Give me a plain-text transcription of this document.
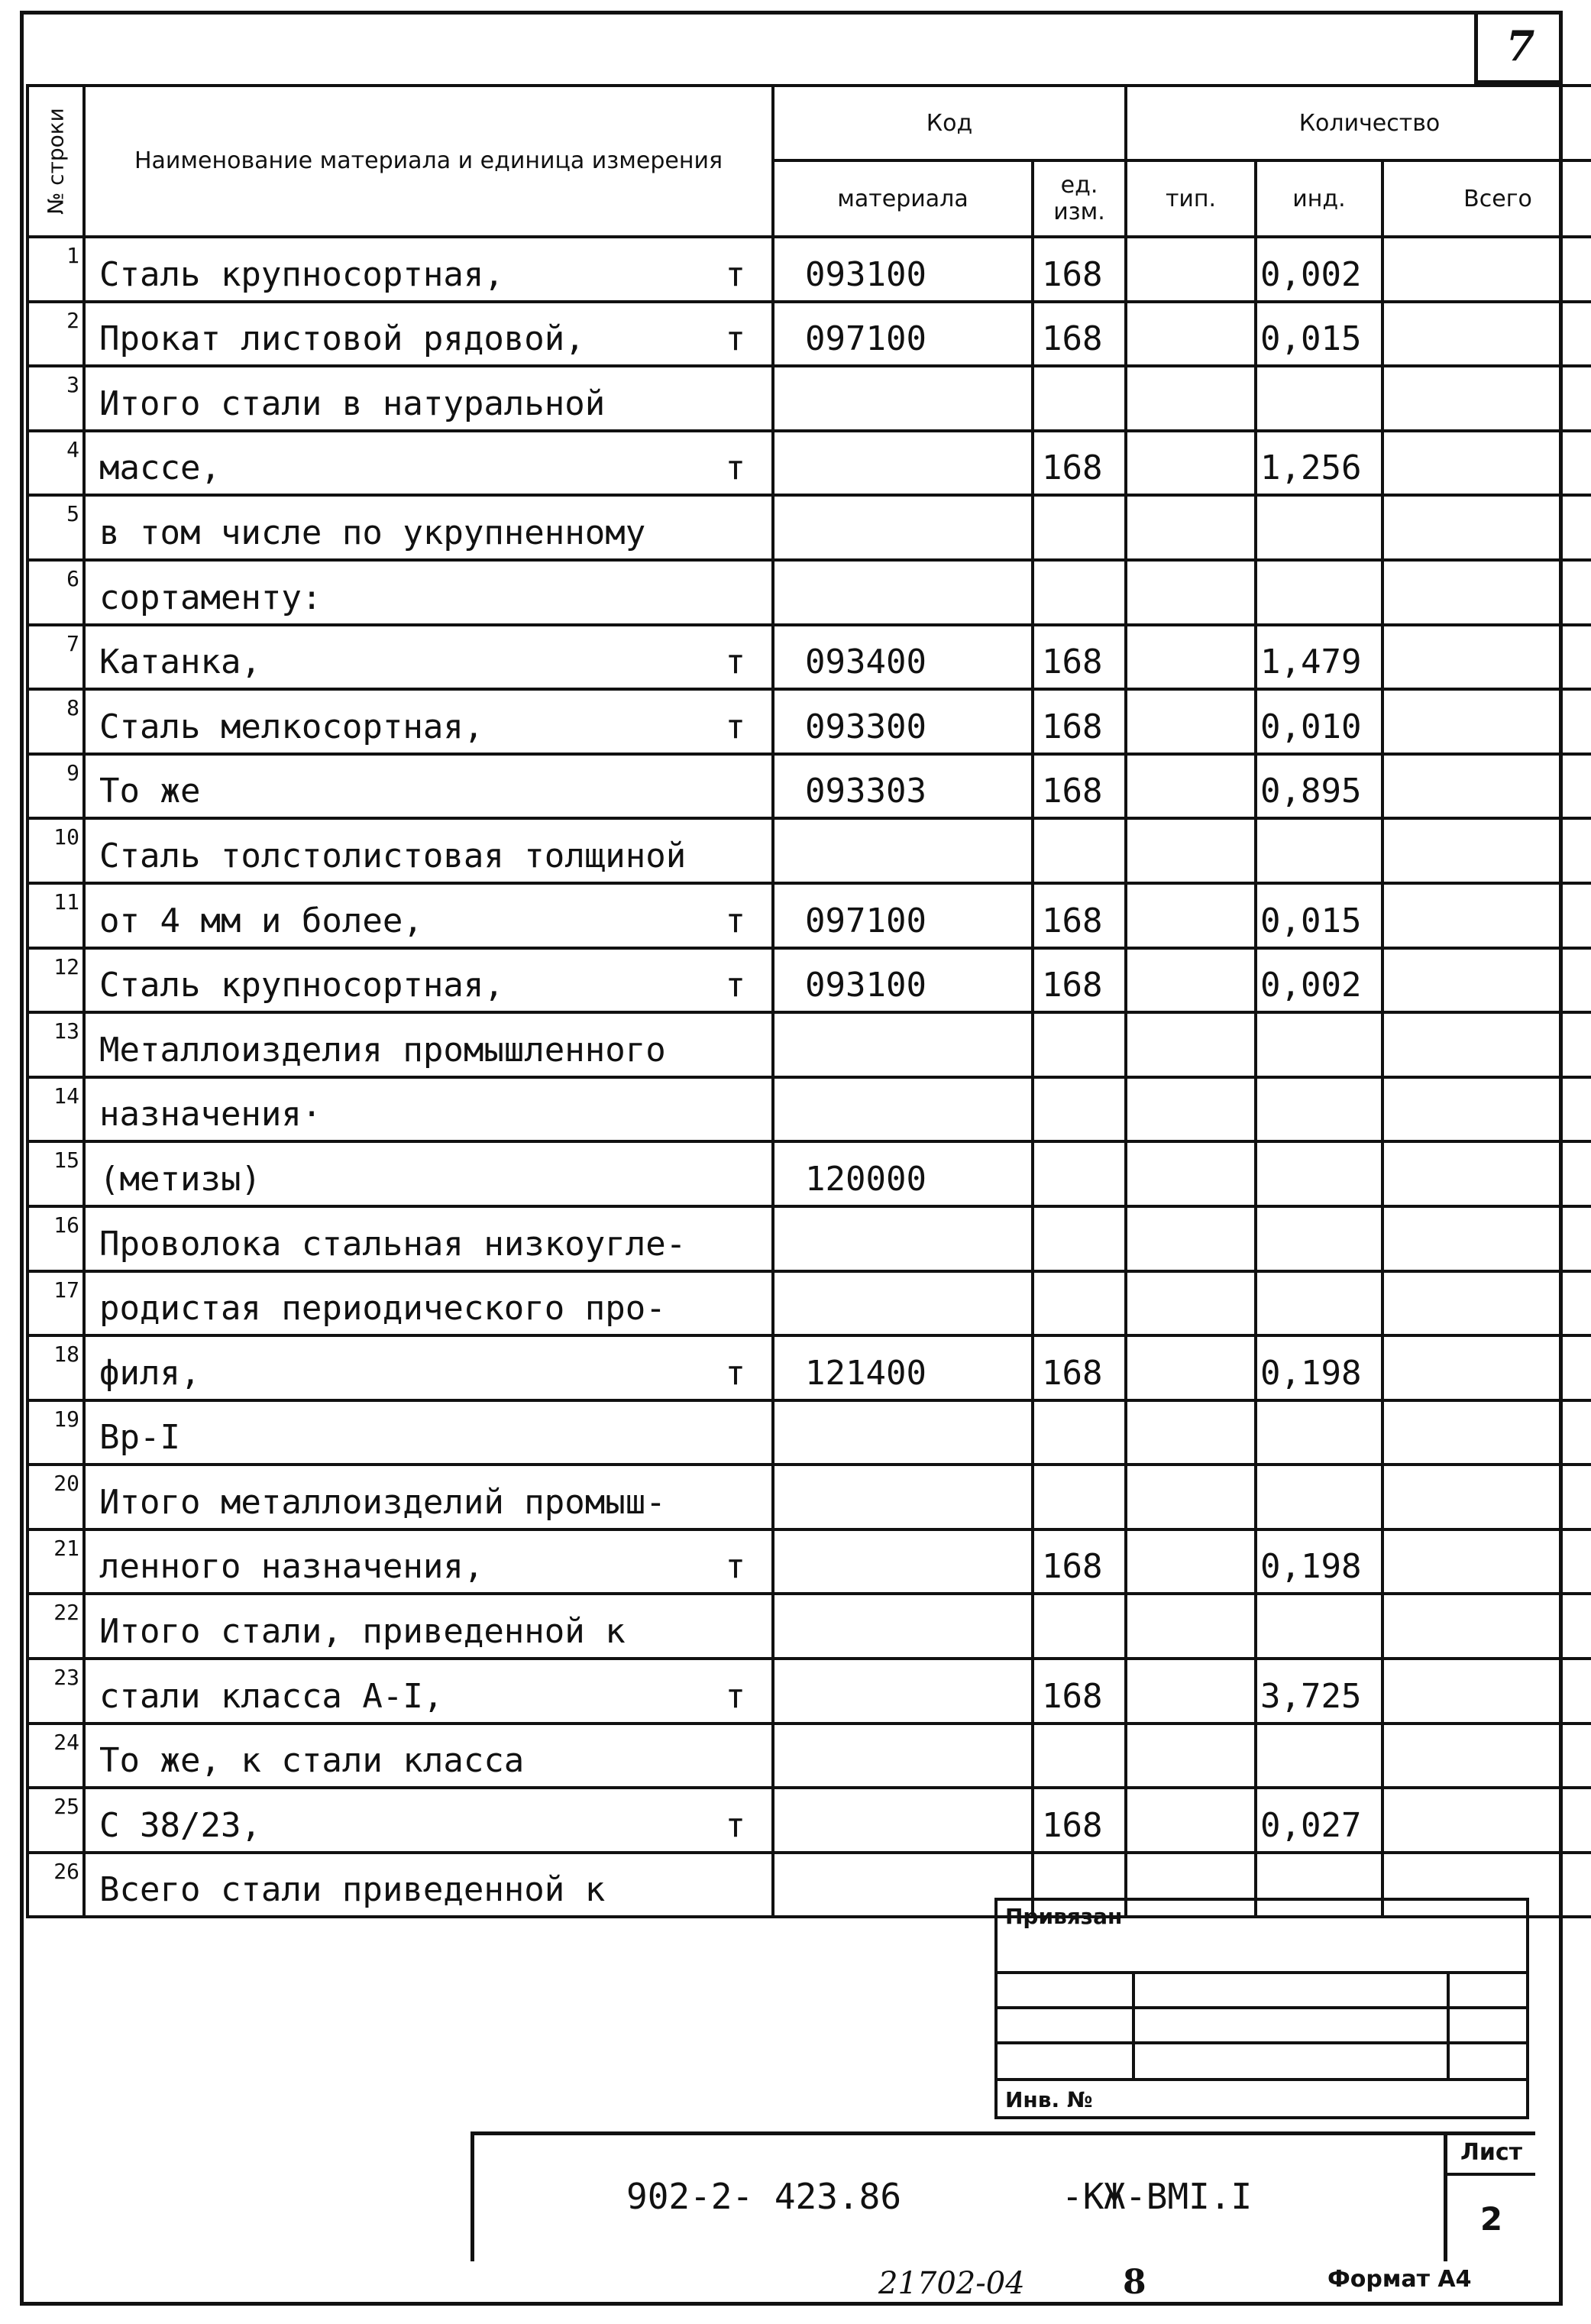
7
№ строки	Наименование материала и единица измерения	Код		Количество		
		материала	ед. изм.	тип.	инд.	Всего
1	Сталь крупносортная, т	093100	168		0,002	
2	Прокат листовой рядовой, т	097100	168		0,015	
3	Итого стали в натуральной

4	массе, т		168		1,256	
5	в том числе по укрупненному

6	сортаменту:

7	Катанка, т	093400	168		1,479	
8	Сталь мелкосортная, т	093300	168		0,010	
9	То же	093303	168		0,895	
10	Сталь толстолистовая толщиной

11	от 4 мм и более, т	097100	168		0,015	
12	Сталь крупносортная, т	093100	168		0,002	
13	Металлоизделия промышленного

14	назначения·

15	(метизы)	120000				
16	Проволока стальная низкоугле-

17	родистая периодического про-

18	филя, т	121400	168		0,198	
19	Вр-I

20	Итого металлоизделий промыш-

21	ленного назначения, т		168		0,198	
22	Итого стали, приведенной к

23	стали класса А-I, т		168		3,725	
24	То же, к стали класса

25	С 38/23, т		168		0,027	
26	Всего стали приведенной к

Привязан
Инв. №
902-2- 423.86	-КЖ-ВМI.I
Лист
2
21702-04	8	Формат А4
